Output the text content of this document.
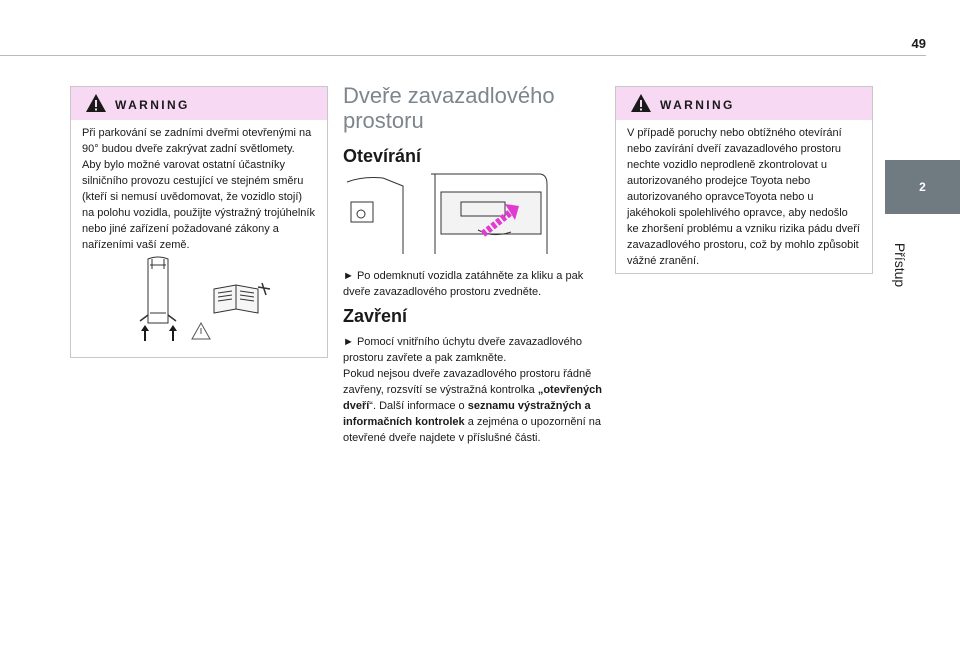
49
2
Přístup
WARNING
Při parkování se zadními dveřmi otevřenými na 90° budou dveře zakrývat zadní světlomety. Aby bylo možné varovat ostatní účastníky silničního provozu cestující ve stejném směru (kteří si nemusí uvědomovat, že vozidlo stojí) na polohu vozidla, použijte výstražný trojúhelník nebo jiné zařízení požadované zákony a nařízeními vaší země.
Dveře zavazadlového
prostoru
Otevírání
► Po odemknutí vozidla zatáhněte za kliku a pak dveře zavazadlového prostoru zvedněte.
Zavření
► Pomocí vnitřního úchytu dveře zavazadlového prostoru zavřete a pak zamkněte.
Pokud nejsou dveře zavazadlového prostoru řádně zavřeny, rozsvítí se výstražná kontrolka „otevřených dveří“. Další informace o seznamu výstražných a informačních kontrolek a zejména o upozornění na otevřené dveře najdete v příslušné části.
WARNING
V případě poruchy nebo obtížného otevírání nebo zavírání dveří zavazadlového prostoru nechte vozidlo neprodleně zkontrolovat u autorizovaného prodejce Toyota nebo autorizovaného opravceToyota nebo u jakéhokoli spolehlivého opravce, aby nedošlo ke zhoršení problému a vzniku rizika pádu dveří zavazadlového prostoru, což by mohlo způsobit vážné zranění.
